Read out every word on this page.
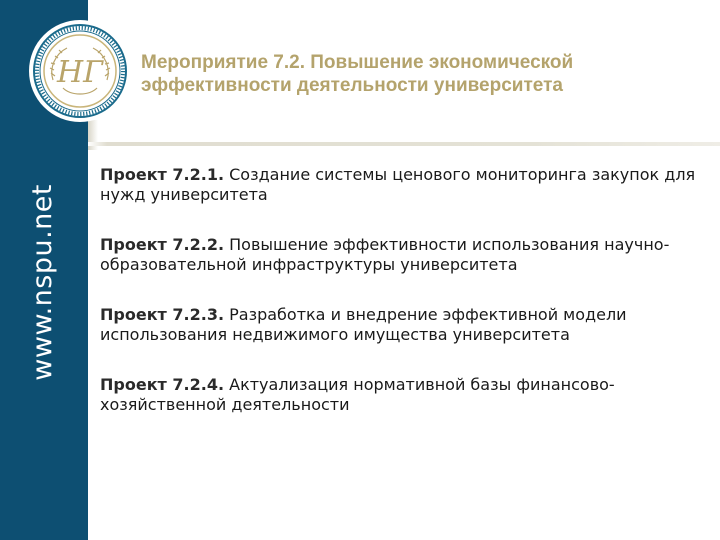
www.nspu.net
НГ Мероприятие 7.2. Повышение экономической
эффективности деятельности университета
Проект 7.2.1. Создание системы ценового мониторинга закупок для
нужд университета
Проект 7.2.2. Повышение эффективности использования научно-
образовательной инфраструктуры университета
Проект 7.2.3. Разработка и внедрение эффективной модели
использования недвижимого имущества университета
Проект 7.2.4. Актуализация нормативной базы финансово-
хозяйственной деятельности
